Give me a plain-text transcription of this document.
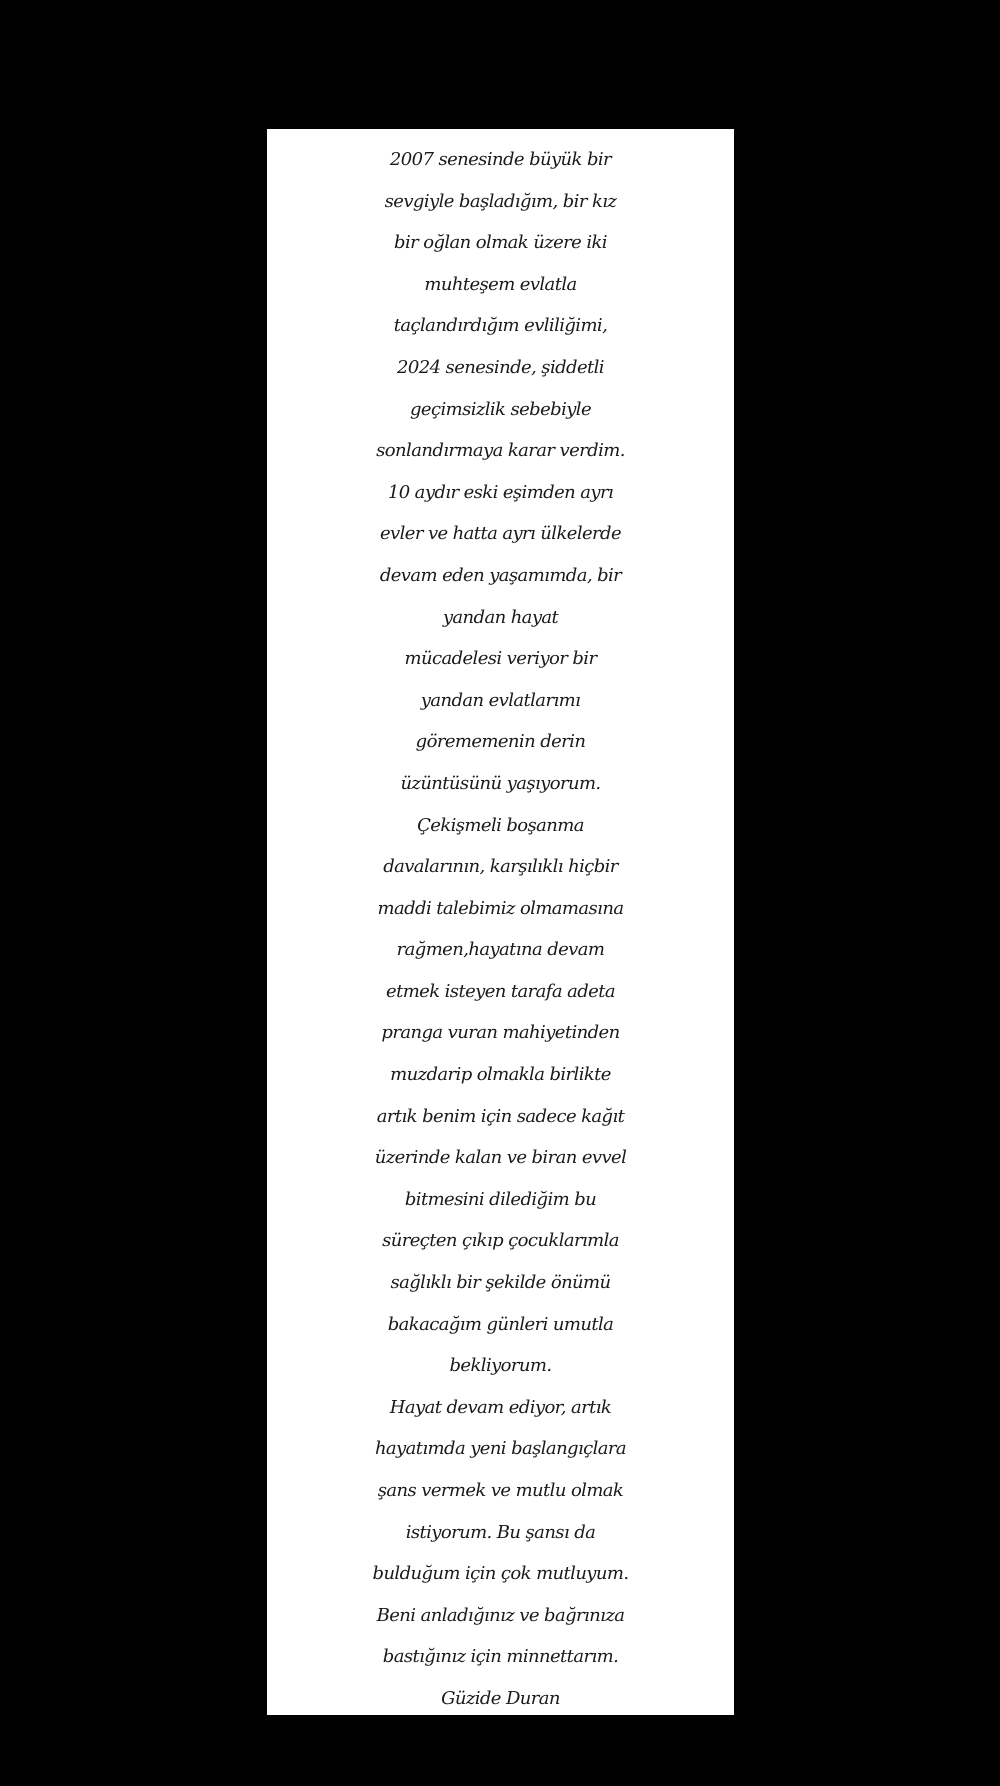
2007 senesinde büyük bir
sevgiyle başladığım, bir kız
bir oğlan olmak üzere iki
muhteşem evlatla
taçlandırdığım evliliğimi,
2024 senesinde, şiddetli
geçimsizlik sebebiyle
sonlandırmaya karar verdim.
10 aydır eski eşimden ayrı
evler ve hatta ayrı ülkelerde
devam eden yaşamımda, bir
yandan hayat
mücadelesi veriyor bir
yandan evlatlarımı
görememenin derin
üzüntüsünü yaşıyorum.
Çekişmeli boşanma
davalarının, karşılıklı hiçbir
maddi talebimiz olmamasına
rağmen,hayatına devam
etmek isteyen tarafa adeta
pranga vuran mahiyetinden
muzdarip olmakla birlikte
artık benim için sadece kağıt
üzerinde kalan ve biran evvel
bitmesini dilediğim bu
süreçten çıkıp çocuklarımla
sağlıklı bir şekilde önümü
bakacağım günleri umutla
bekliyorum.
Hayat devam ediyor, artık
hayatımda yeni başlangıçlara
şans vermek ve mutlu olmak
istiyorum. Bu şansı da
bulduğum için çok mutluyum.
Beni anladığınız ve bağrınıza
bastığınız için minnettarım.
Güzide Duran
